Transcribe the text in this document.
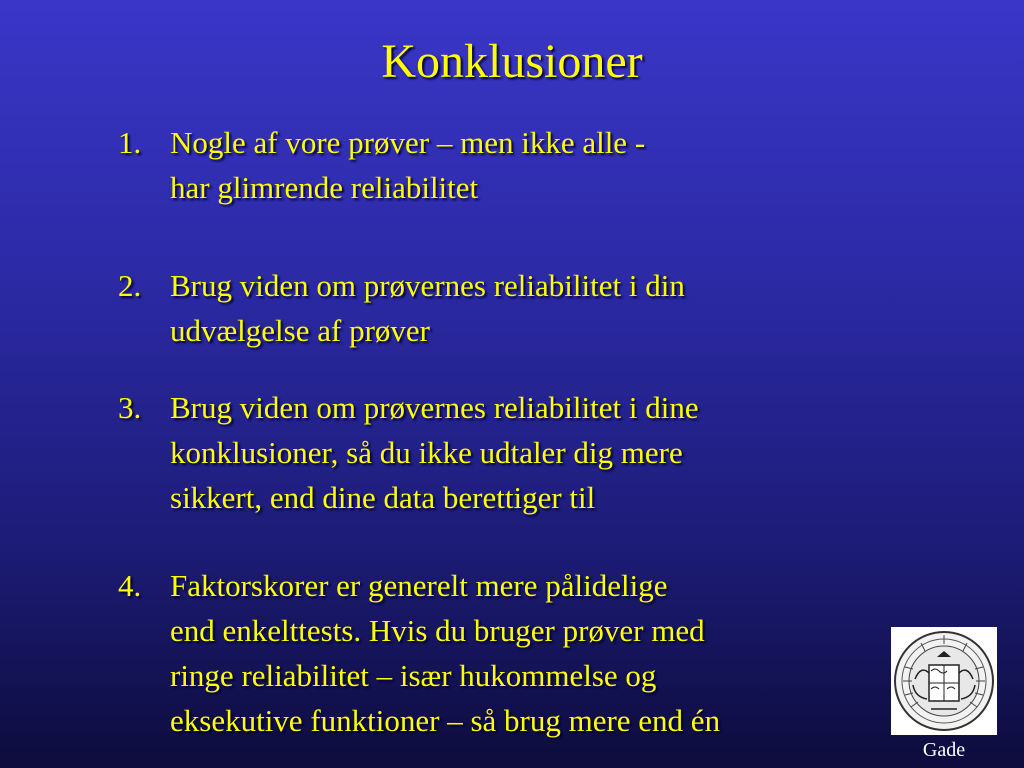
Konklusioner
1. Nogle af vore prøver – men ikke alle -
har glimrende reliabilitet
2. Brug viden om prøvernes reliabilitet i din
udvælgelse af prøver
3. Brug viden om prøvernes reliabilitet i dine
konklusioner, så du ikke udtaler dig mere
sikkert, end dine data berettiger til
4. Faktorskorer er generelt mere pålidelige
end enkelttests. Hvis du bruger prøver med
ringe reliabilitet – især hukommelse og
eksekutive funktioner – så brug mere end én
Gade
